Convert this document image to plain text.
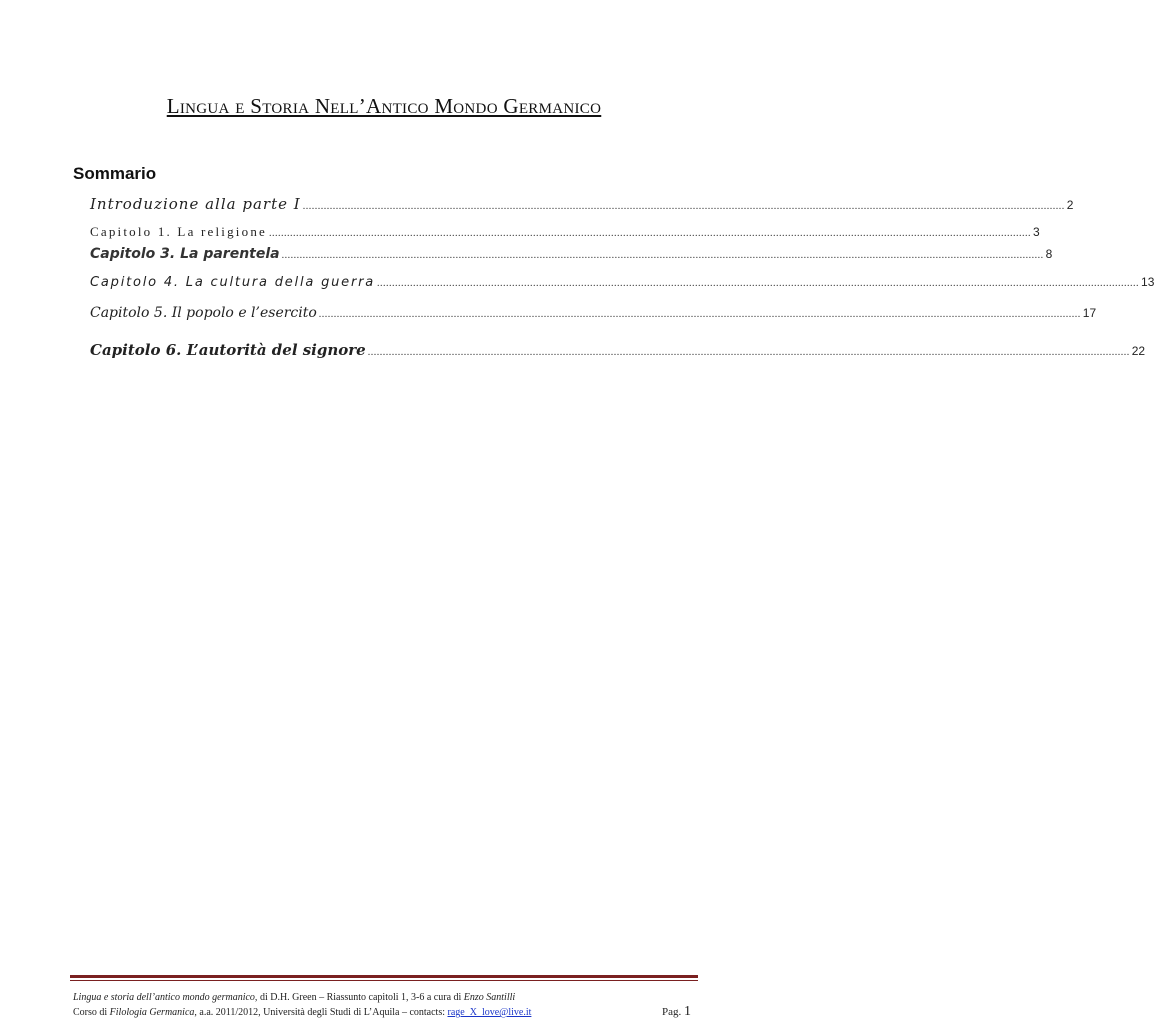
Lingua e Storia Nell’Antico Mondo Germanico
Sommario
Introduzione alla parte I .............................................................................................................................................................................................................................................................. 2
Capitolo 1. La religione .............................................................................................................................................................................................................................................................. 3
Capitolo 3. La parentela .............................................................................................................................................................................................................................................................. 8
Capitolo 4. La cultura della guerra .............................................................................................................................................................................................................................................................. 13
Capitolo 5. Il popolo e l’esercito .............................................................................................................................................................................................................................................................. 17
Capitolo 6. L’autorità del signore .............................................................................................................................................................................................................................................................. 22
Lingua e storia dell’antico mondo germanico, di D.H. Green – Riassunto capitoli 1, 3-6 a cura di Enzo Santilli
Corso di Filologia Germanica, a.a. 2011/2012, Università degli Studi di L’Aquila – contacts: rage_X_love@live.it	Pag. 1
